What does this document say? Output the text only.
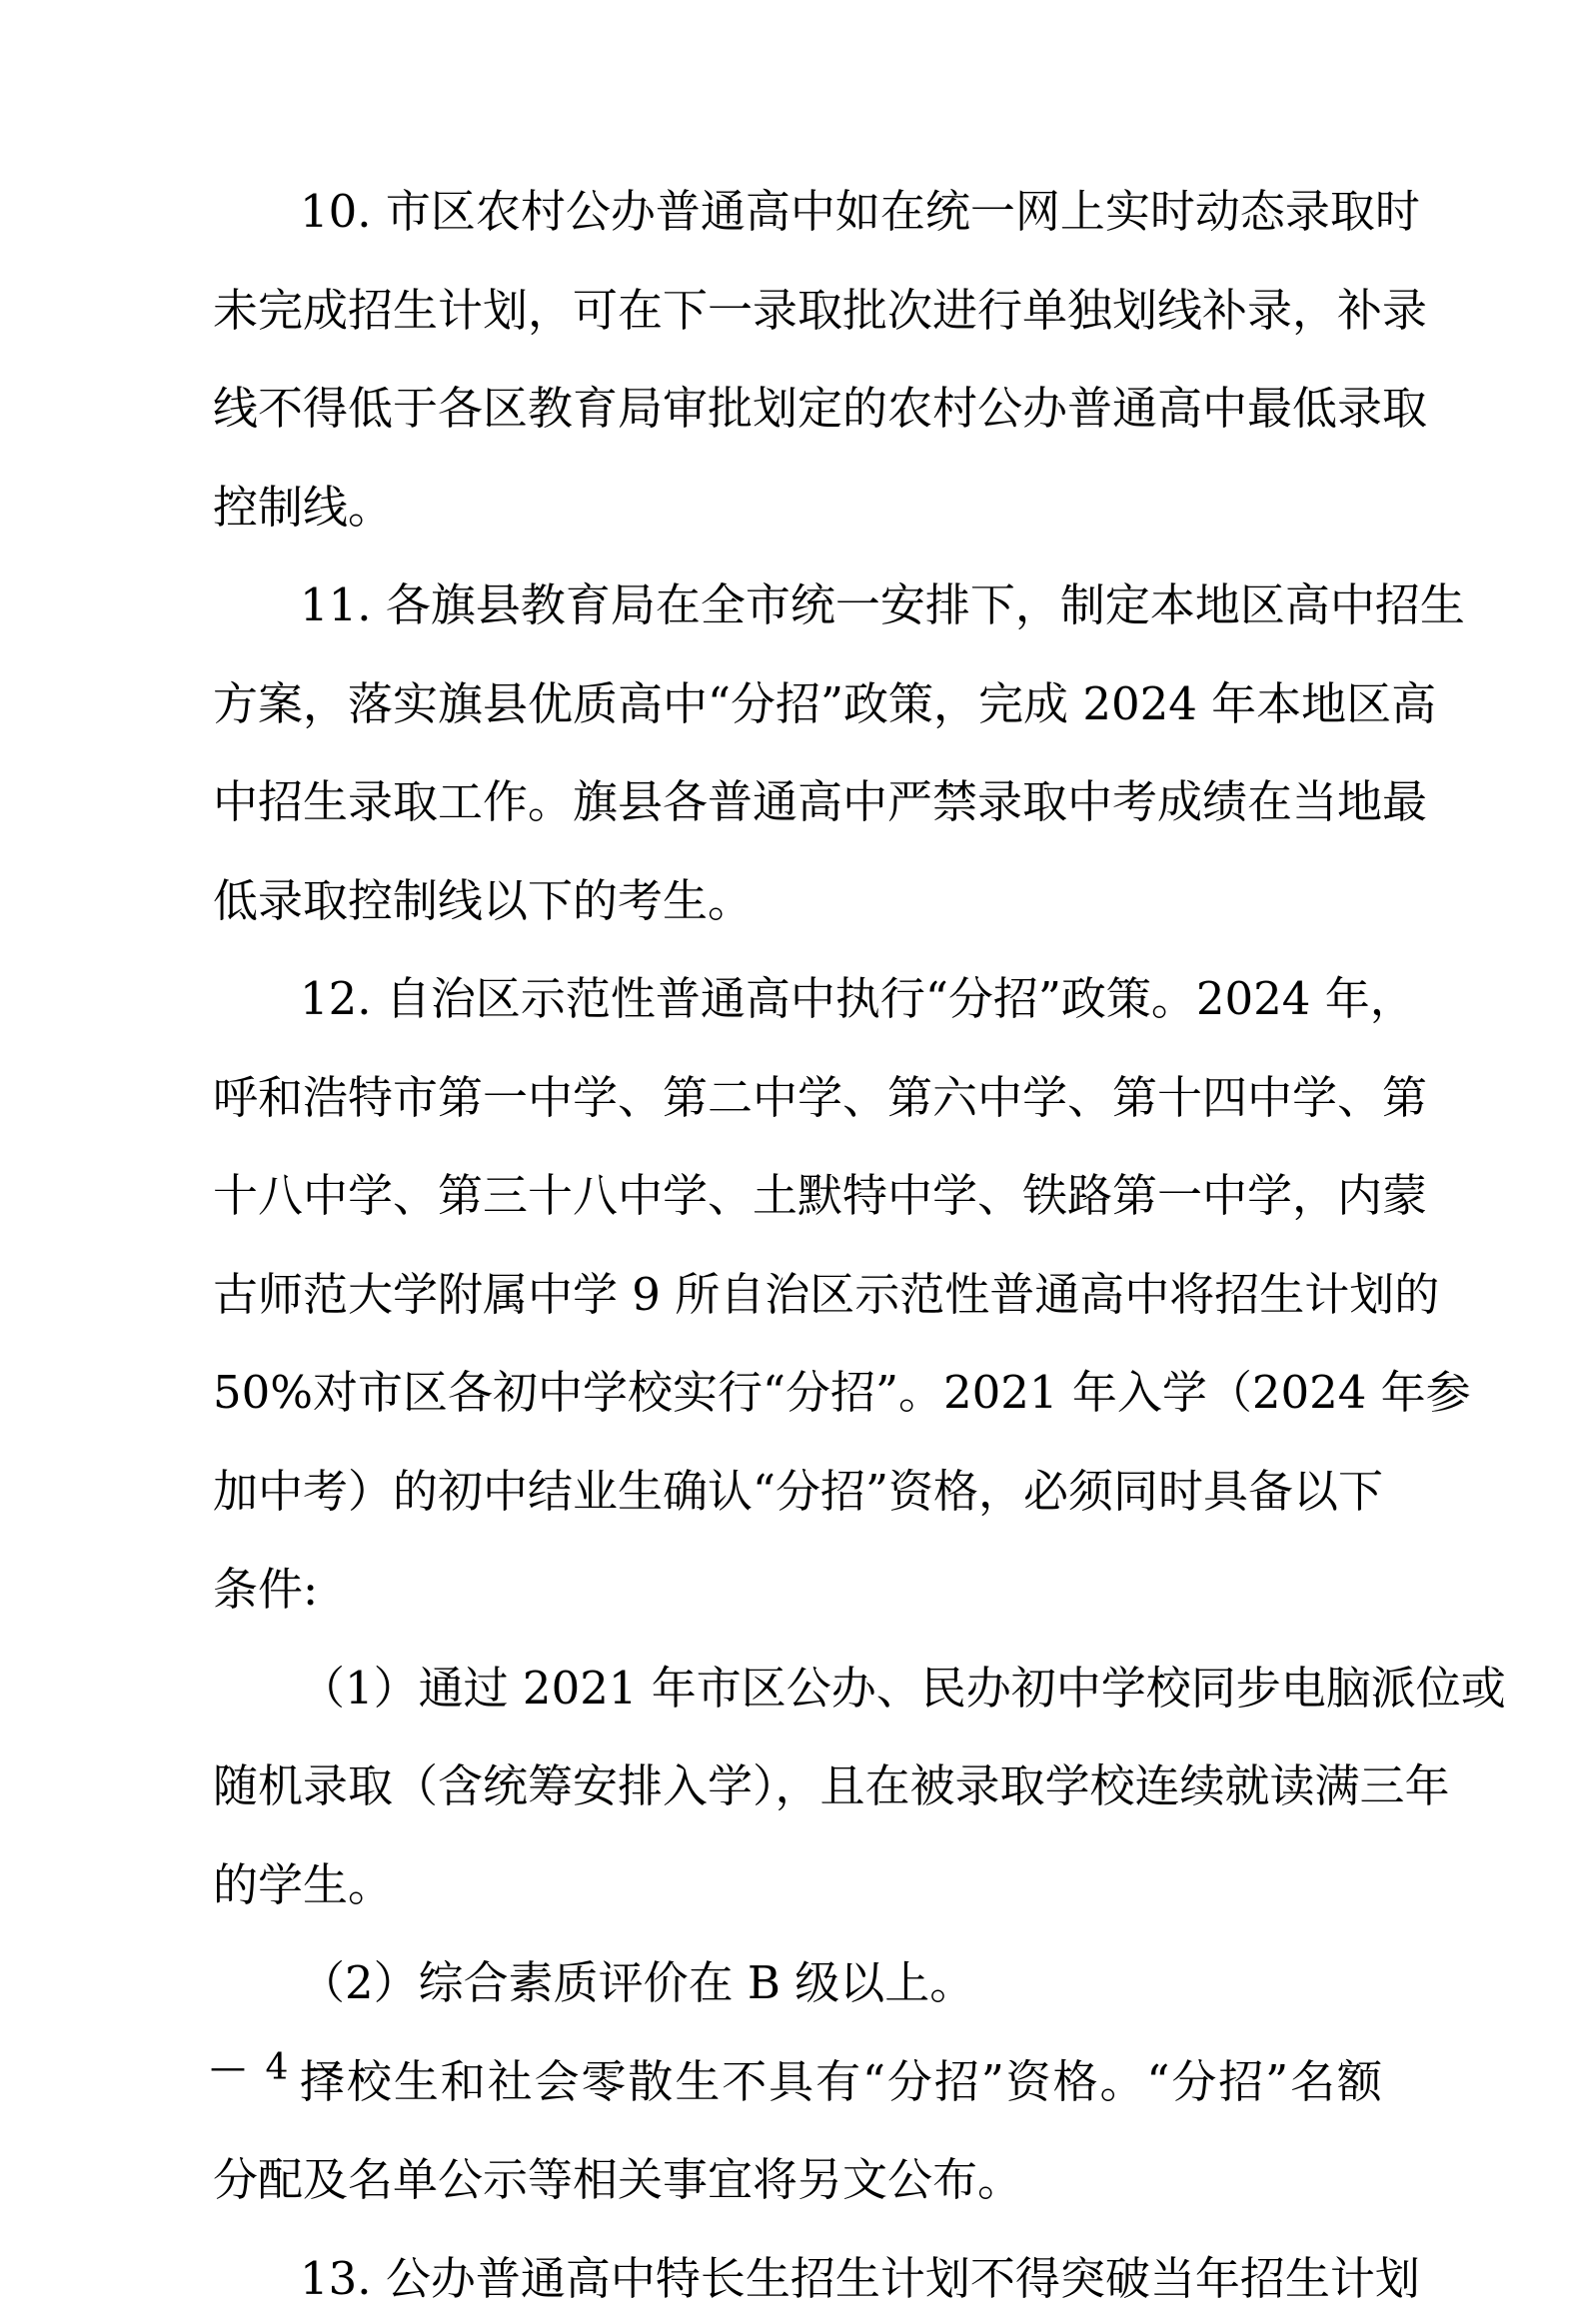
10. 市区农村公办普通高中如在统一网上实时动态录取时
未完成招生计划，可在下一录取批次进行单独划线补录，补录
线不得低于各区教育局审批划定的农村公办普通高中最低录取
控制线。
11. 各旗县教育局在全市统一安排下，制定本地区高中招生
方案，落实旗县优质高中“分招”政策，完成 2024 年本地区高
中招生录取工作。旗县各普通高中严禁录取中考成绩在当地最
低录取控制线以下的考生。
12. 自治区示范性普通高中执行“分招”政策。2024 年，
呼和浩特市第一中学、第二中学、第六中学、第十四中学、第
十八中学、第三十八中学、土默特中学、铁路第一中学，内蒙
古师范大学附属中学 9 所自治区示范性普通高中将招生计划的
50%对市区各初中学校实行“分招”。2021 年入学（2024 年参
加中考）的初中结业生确认“分招”资格，必须同时具备以下
条件:
（1）通过 2021 年市区公办、民办初中学校同步电脑派位或
随机录取（含统筹安排入学），且在被录取学校连续就读满三年
的学生。
（2）综合素质评价在 B 级以上。
择校生和社会零散生不具有“分招”资格。“分招”名额
分配及名单公示等相关事宜将另文公布。
13. 公办普通高中特长生招生计划不得突破当年招生计划
— 4 —
